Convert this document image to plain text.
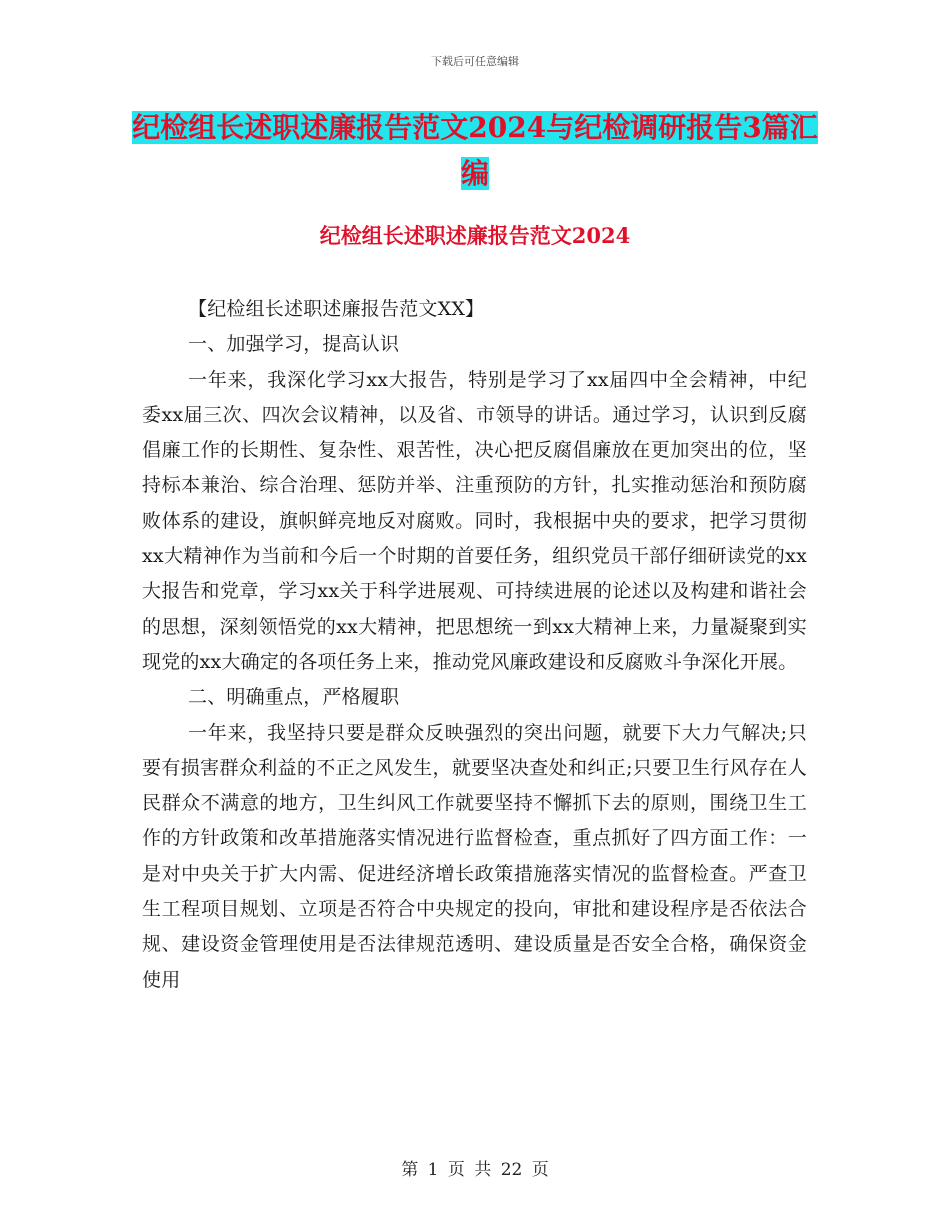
下载后可任意编辑
纪检组长述职述廉报告范文2024与纪检调研报告3篇汇编
纪检组长述职述廉报告范文2024

【纪检组长述职述廉报告范文XX】

一、加强学习，提高认识

一年来，我深化学习xx大报告，特别是学习了xx届四中全会精神，中纪委xx届三次、四次会议精神，以及省、市领导的讲话。通过学习，认识到反腐倡廉工作的长期性、复杂性、艰苦性，决心把反腐倡廉放在更加突出的位，坚持标本兼治、综合治理、惩防并举、注重预防的方针，扎实推动惩治和预防腐败体系的建设，旗帜鲜亮地反对腐败。同时，我根据中央的要求，把学习贯彻xx大精神作为当前和今后一个时期的首要任务，组织党员干部仔细研读党的xx大报告和党章，学习xx关于科学进展观、可持续进展的论述以及构建和谐社会的思想，深刻领悟党的xx大精神，把思想统一到xx大精神上来，力量凝聚到实现党的xx大确定的各项任务上来，推动党风廉政建设和反腐败斗争深化开展。

二、明确重点，严格履职

一年来，我坚持只要是群众反映强烈的突出问题，就要下大力气解决;只要有损害群众利益的不正之风发生，就要坚决查处和纠正;只要卫生行风存在人民群众不满意的地方，卫生纠风工作就要坚持不懈抓下去的原则，围绕卫生工作的方针政策和改革措施落实情况进行监督检查，重点抓好了四方面工作：一是对中央关于扩大内需、促进经济增长政策措施落实情况的监督检查。严查卫生工程项目规划、立项是否符合中央规定的投向，审批和建设程序是否依法合规、建设资金管理使用是否法律规范透明、建设质量是否安全合格，确保资金使用

第 1 页 共 22 页
